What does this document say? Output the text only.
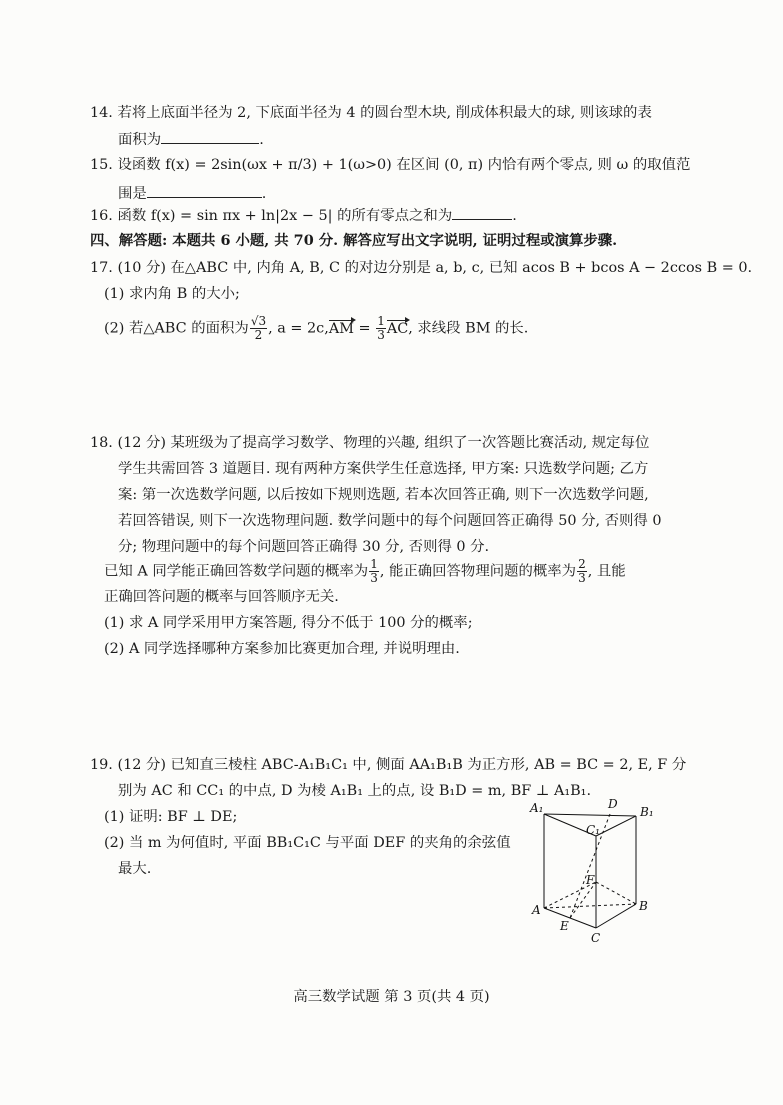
14. 若将上底面半径为 2, 下底面半径为 4 的圆台型木块, 削成体积最大的球, 则该球的表
面积为	.
15. 设函数 f(x) = 2sin(ωx + π/3) + 1(ω>0) 在区间 (0, π) 内恰有两个零点, 则 ω 的取值范
围是	.
16. 函数 f(x) = sin πx + ln|2x − 5| 的所有零点之和为	.
四、解答题: 本题共 6 小题, 共 70 分. 解答应写出文字说明, 证明过程或演算步骤.
17. (10 分) 在△ABC 中, 内角 A, B, C 的对边分别是 a, b, c, 已知 acos B + bcos A − 2ccos B = 0.
(1) 求内角 B 的大小;
(2) 若△ABC 的面积为 $\frac{√3}{2}$ , $a = 2c,AM = \frac{1}{3}$ AC, 求线段 BM 的长.
18. (12 分) 某班级为了提高学习数学、物理的兴趣, 组织了一次答题比赛活动, 规定每位
学生共需回答 3 道题目. 现有两种方案供学生任意选择, 甲方案: 只选数学问题; 乙方
案: 第一次选数学问题, 以后按如下规则选题, 若本次回答正确, 则下一次选数学问题,
若回答错误, 则下一次选物理问题. 数学问题中的每个问题回答正确得 50 分, 否则得 0
分; 物理问题中的每个问题回答正确得 30 分, 否则得 0 分.
已知 A 同学能正确回答数学问题的概率为 $\frac{1}{3}$ , 能正确回答物理问题的概率为 $\frac{2}{3}$ , 且能
正确回答问题的概率与回答顺序无关.
(1) 求 A 同学采用甲方案答题, 得分不低于 100 分的概率;
(2) A 同学选择哪种方案参加比赛更加合理, 并说明理由.
19. (12 分) 已知直三棱柱 ABC-A₁B₁C₁ 中, 侧面 AA₁B₁B 为正方形, AB = BC = 2, E, F 分
别为 AC 和 CC₁ 的中点, D 为棱 A₁B₁ 上的点, 设 B₁D = m, BF ⊥ A₁B₁.
(1) 证明: BF ⊥ DE;
(2) 当 m 为何值时, 平面 BB₁C₁C 与平面 DEF 的夹角的余弦值
最大.
A₁	D
B₁
C₁
F
A	B
E
C
高三数学试题 第 3 页(共 4 页)
